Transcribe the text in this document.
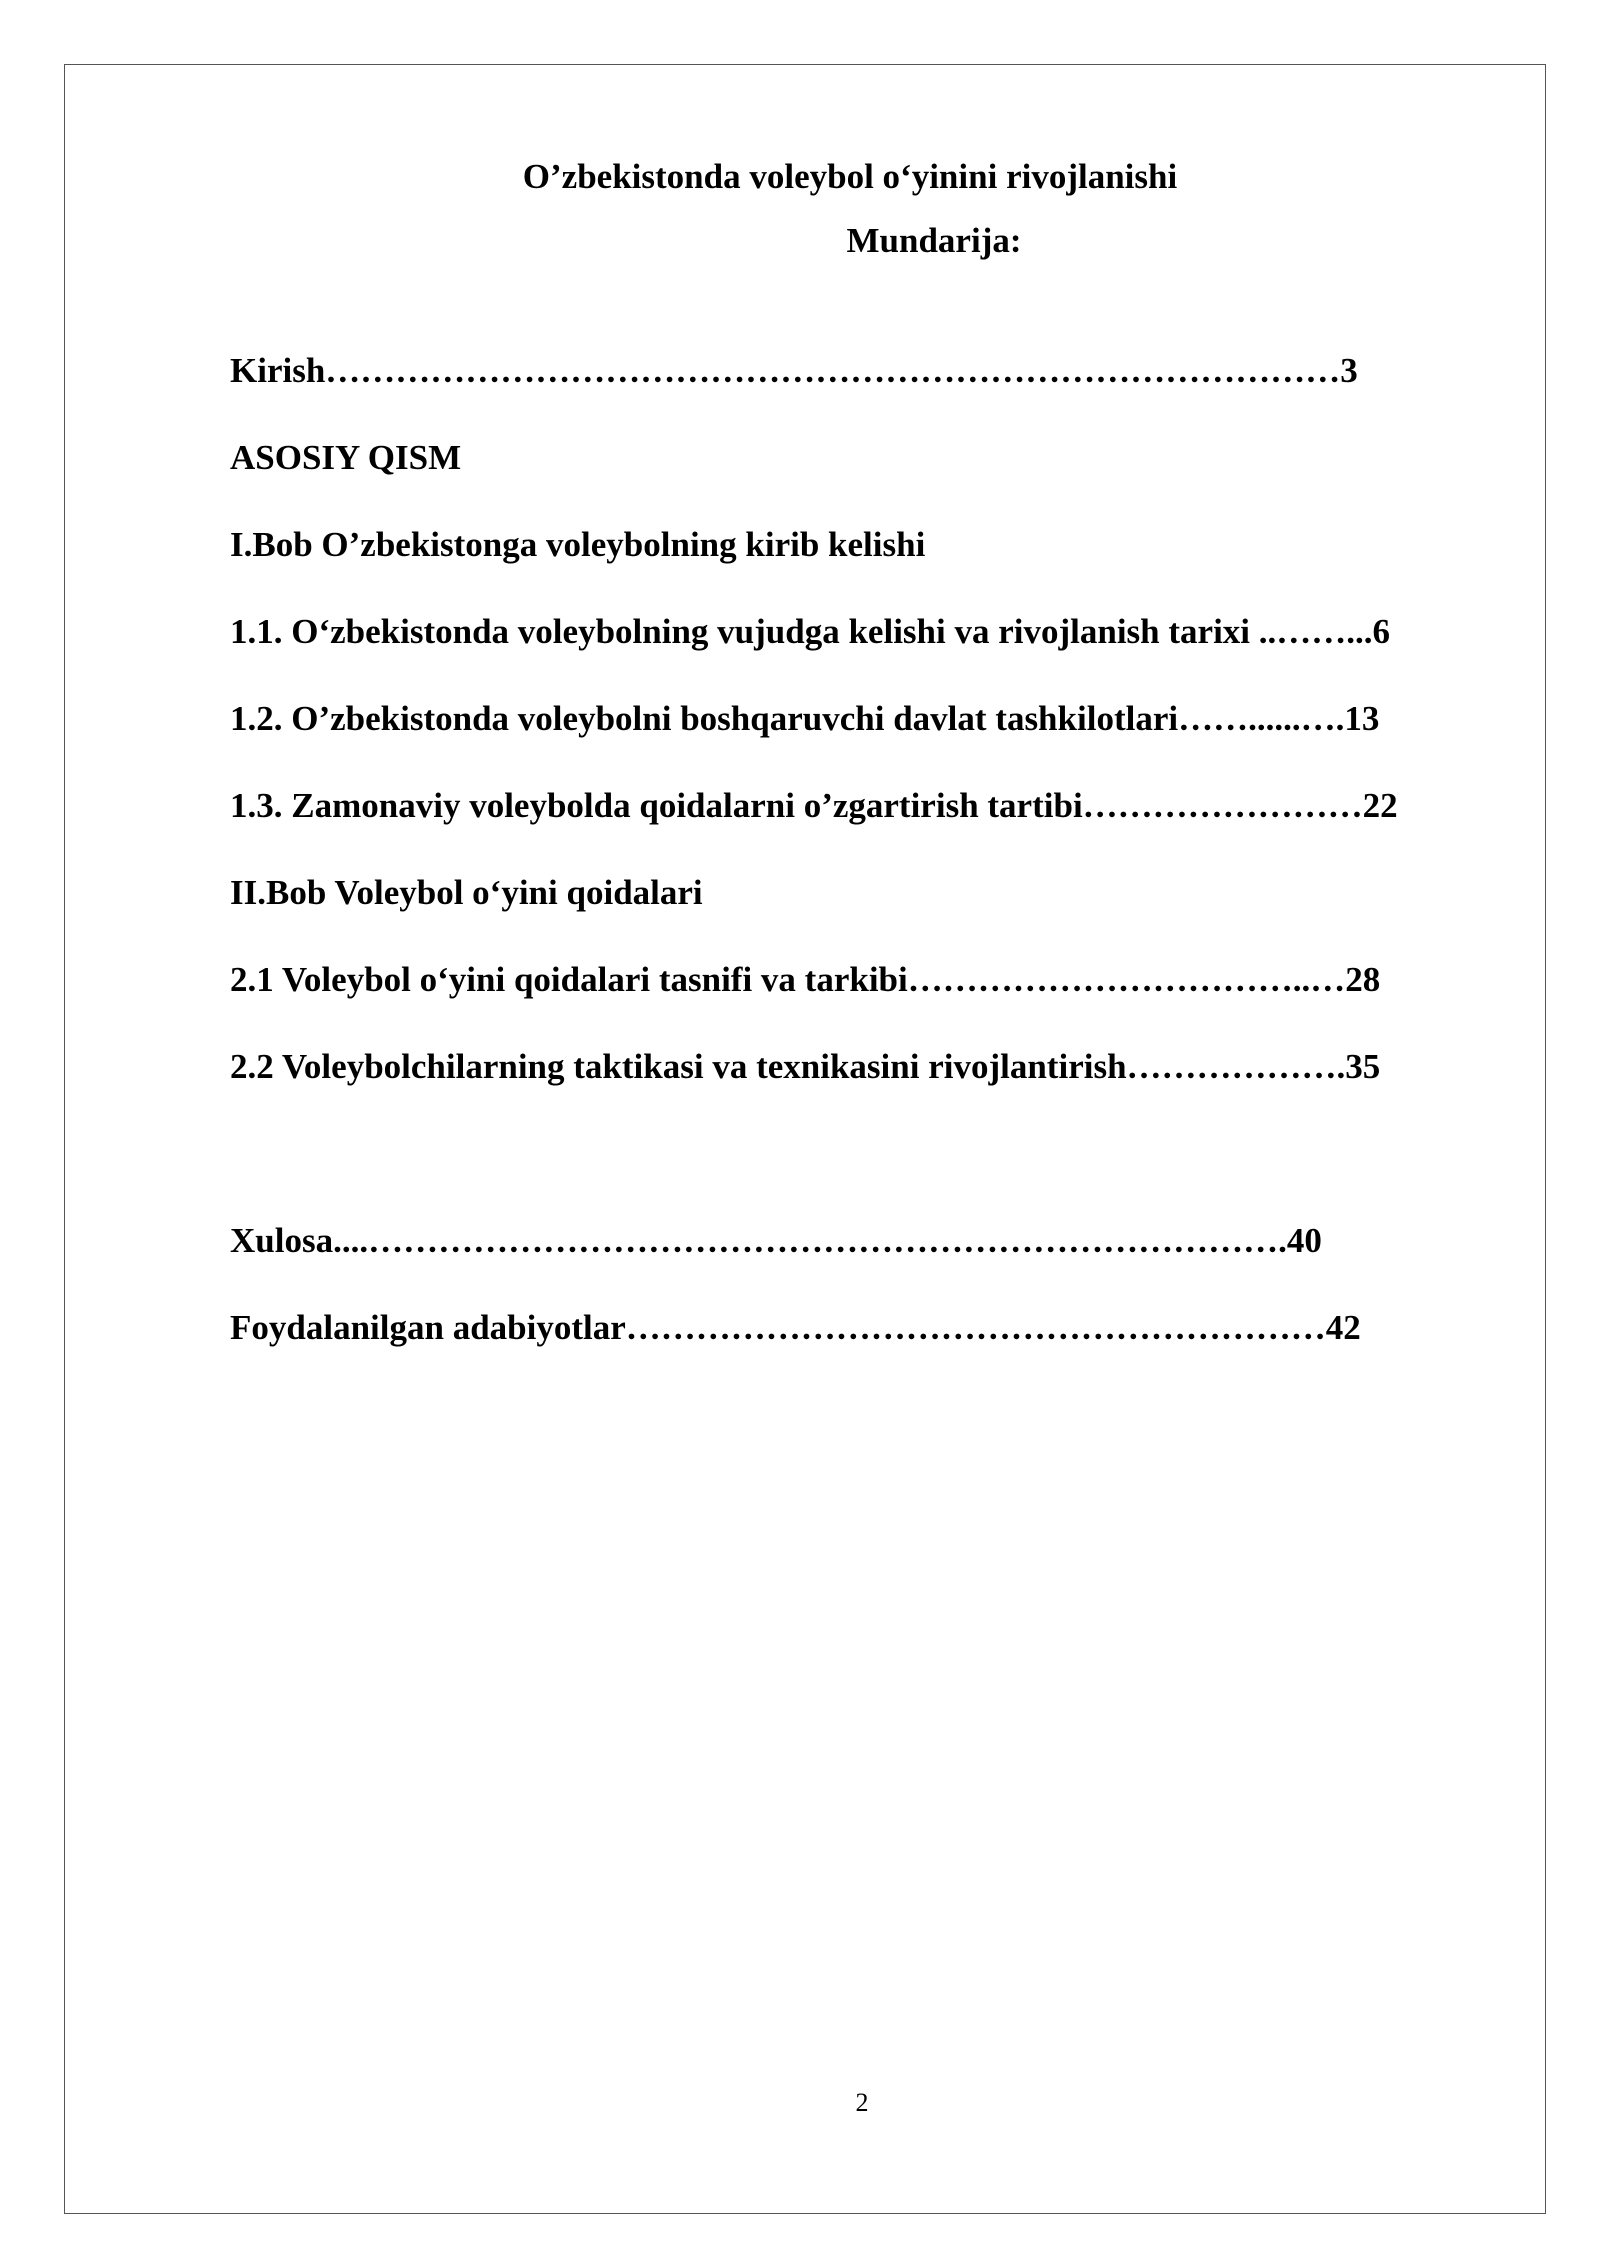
O’zbekistonda voleybol o‘yinini rivojlanishi
Mundarija:
Kirish……………………………………………………………………………3
ASOSIY QISM
I.Bob O’zbekistonga voleybolning kirib kelishi
1.1. O‘zbekistonda voleybolning vujudga kelishi va rivojlanish tarixi ..……...6
1.2. O’zbekistonda voleybolni boshqaruvchi davlat tashkilotlari……......….13
1.3. Zamonaviy voleybolda qoidalarni o’zgartirish tartibi……………………22
II.Bob Voleybol o‘yini qoidalari
2.1 Voleybol o‘yini qoidalari tasnifi va tarkibi……………………………..…28
2.2 Voleybolchilarning taktikasi va texnikasini rivojlantirish……………….35
Xulosa....…………………………………………………………………….40
Foydalanilgan adabiyotlar……………………………………………………42
2
